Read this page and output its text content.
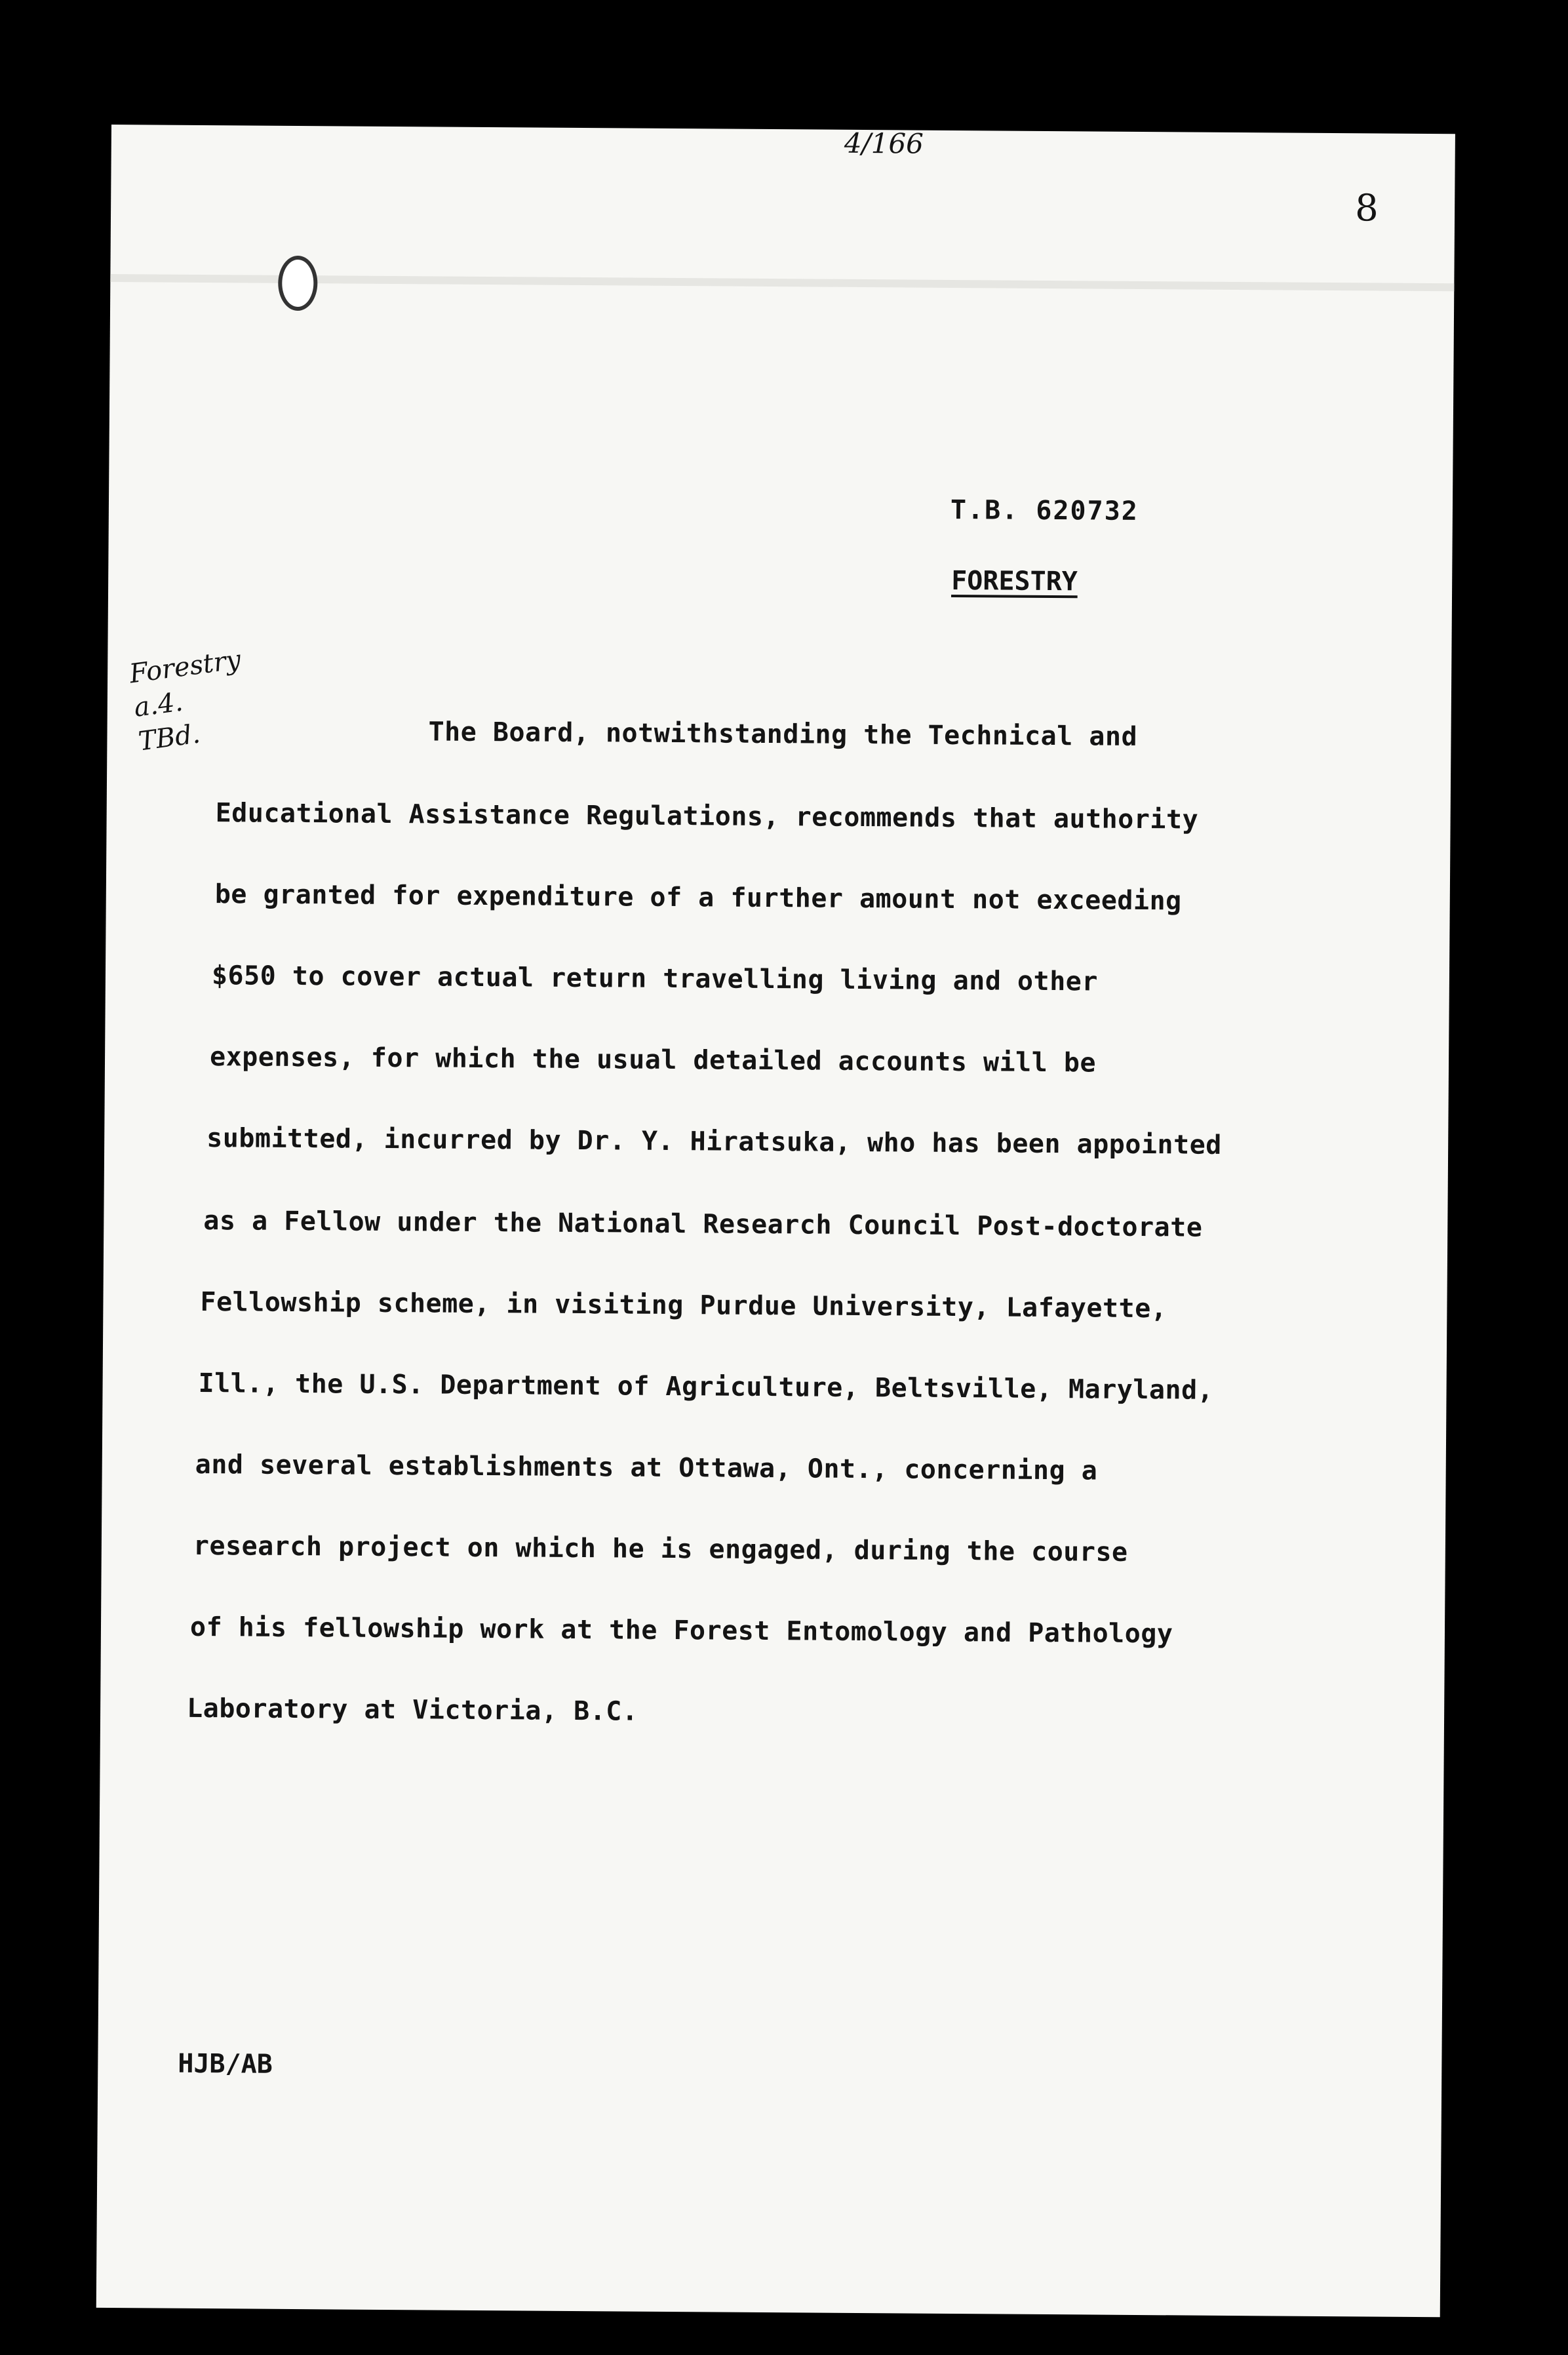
4/166
8
T.B. 620732
FORESTRY
Forestry
a.4.
TBd.	The Board, notwithstanding the Technical and
Educational Assistance Regulations, recommends that authority
be granted for expenditure of a further amount not exceeding
$650 to cover actual return travelling living and other
expenses, for which the usual detailed accounts will be
submitted, incurred by Dr. Y. Hiratsuka, who has been appointed
as a Fellow under the National Research Council Post-doctorate
Fellowship scheme, in visiting Purdue University, Lafayette,
Ill., the U.S. Department of Agriculture, Beltsville, Maryland,
and several establishments at Ottawa, Ont., concerning a
research project on which he is engaged, during the course
of his fellowship work at the Forest Entomology and Pathology
Laboratory at Victoria, B.C.
HJB/AB
